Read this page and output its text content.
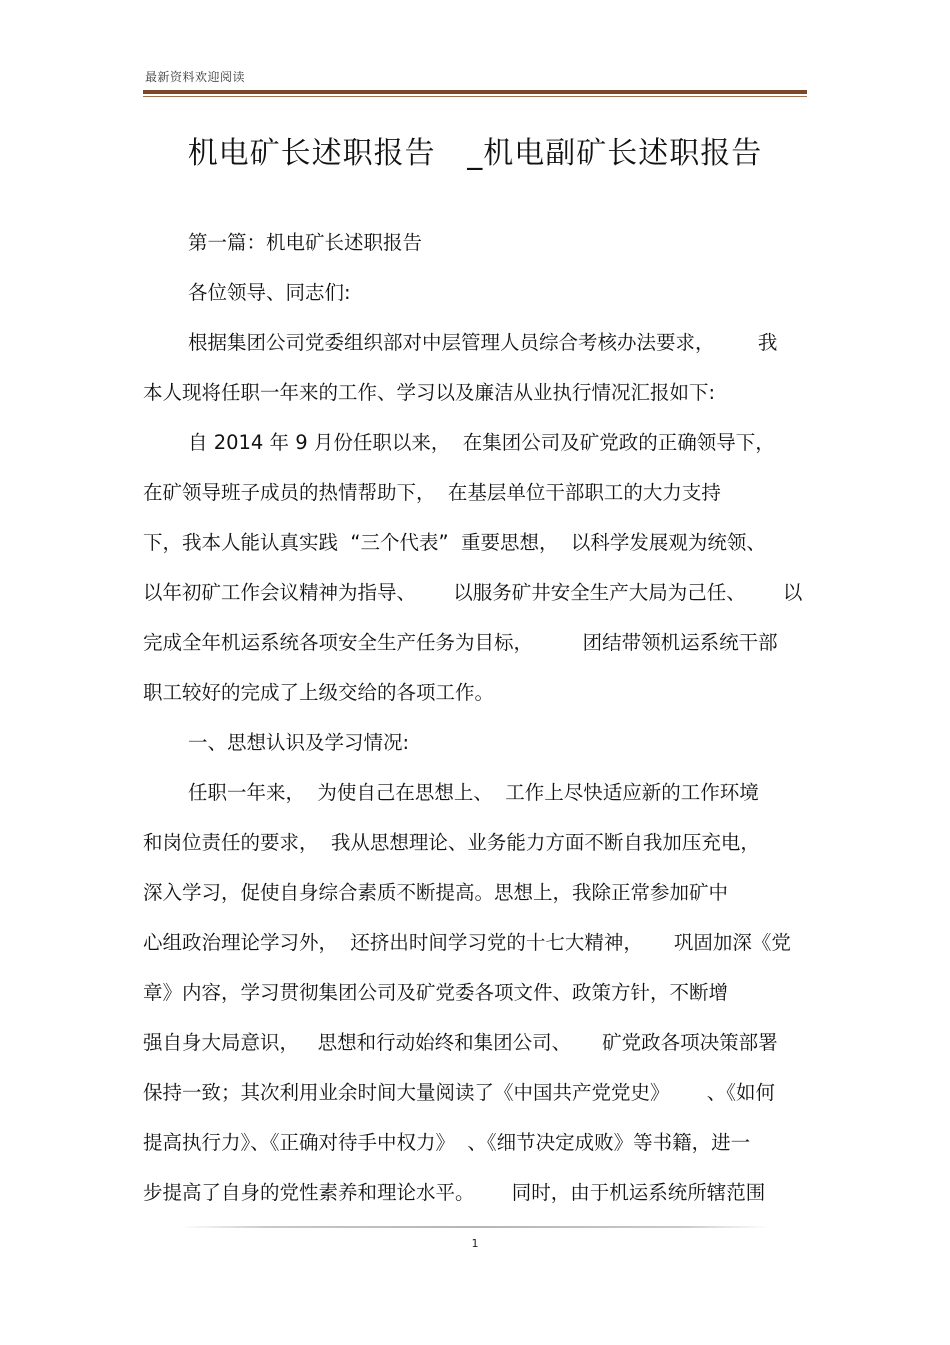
最新资料欢迎阅读
机电矿长述职报告   _机电副矿长述职报告
第一篇：机电矿长述职报告
各位领导、同志们:
根据集团公司党委组织部对中层管理人员综合考核办法要求，       我
本人现将任职一年来的工作、学习以及廉洁从业执行情况汇报如下:
自 2014 年 9 月份任职以来，  在集团公司及矿党政的正确领导下，
在矿领导班子成员的热情帮助下，  在基层单位干部职工的大力支持
下，我本人能认真实践  “三个代表”  重要思想，  以科学发展观为统领、
以年初矿工作会议精神为指导、      以服务矿井安全生产大局为己任、      以
完成全年机运系统各项安全生产任务为目标，        团结带领机运系统干部
职工较好的完成了上级交给的各项工作。
一、思想认识及学习情况:
任职一年来，  为使自己在思想上、  工作上尽快适应新的工作环境
和岗位责任的要求，  我从思想理论、业务能力方面不断自我加压充电，
深入学习，促使自身综合素质不断提高。思想上，我除正常参加矿中
心组政治理论学习外，  还挤出时间学习党的十七大精神，     巩固加深《党
章》内容，学习贯彻集团公司及矿党委各项文件、政策方针，不断增
强自身大局意识，   思想和行动始终和集团公司、     矿党政各项决策部署
保持一致；其次利用业余时间大量阅读了《中国共产党党史》      、《如何
提高执行力》、《正确对待手中权力》  、《细节决定成败》等书籍，进一
步提高了自身的党性素养和理论水平。      同时，由于机运系统所辖范围
1
